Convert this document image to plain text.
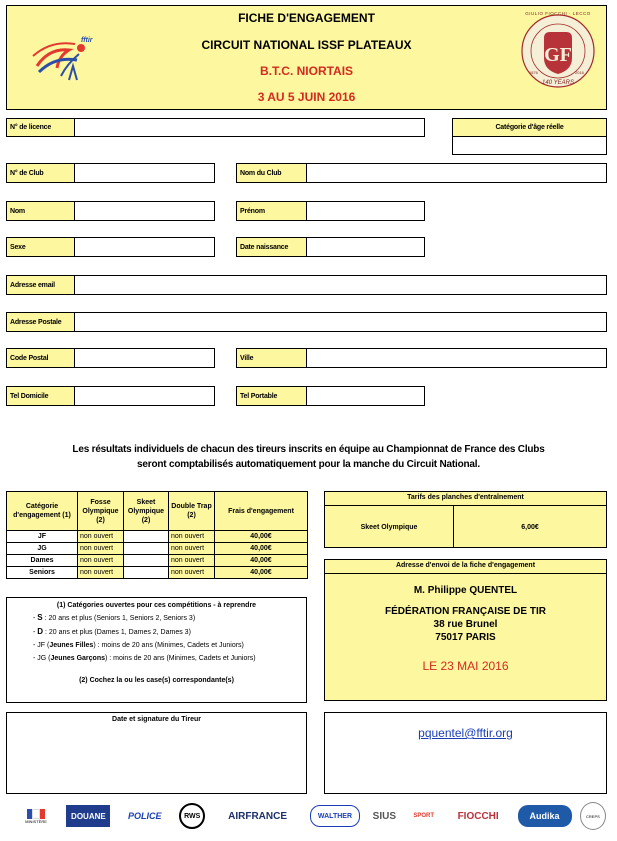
fftir
FICHE D'ENGAGEMENT
CIRCUIT NATIONAL ISSF PLATEAUX
B.T.C. NIORTAIS
3 AU 5 JUIN 2016
GF
GIULIO FIOCCHI · LECCO
1876	2016
140 YEARS
N° de licence	Catégorie d'âge réelle
N° de Club	Nom du Club
Nom	Prénom
Sexe	Date naissance
Adresse email
Adresse Postale
Code Postal	Ville
Tel Domicile	Tel Portable
Les résultats individuels de chacun des tireurs inscrits en équipe au Championnat de France des Clubs
seront comptabilisés automatiquement pour la manche du Circuit National.
Catégorie d'engagement (1)	Fosse Olympique (2)	Skeet Olympique (2)	Double Trap (2)	Frais d'engagement
JF	non ouvert		non ouvert	40,00€
JG	non ouvert		non ouvert	40,00€
Dames	non ouvert		non ouvert	40,00€
Seniors	non ouvert		non ouvert	40,00€
(1) Catégories ouvertes pour ces compétitions - à reprendre
- S : 20 ans et plus (Seniors 1, Seniors 2, Seniors 3)
- D : 20 ans et plus (Dames 1, Dames 2, Dames 3)
- JF (Jeunes Filles) : moins de 20 ans (Minimes, Cadets et Juniors)
- JG (Jeunes Garçons) : moins de 20 ans (Minimes, Cadets et Juniors)
(2) Cochez la ou les case(s) correspondante(s)
Date et signature du Tireur
Tarifs des planches d'entraînement
Skeet Olympique	6,00€
Adresse d'envoi de la fiche d'engagement
M. Philippe QUENTEL
FÉDÉRATION FRANÇAISE DE TIR
38 rue Brunel
75017 PARIS
LE 23 MAI 2016
pquentel@fftir.org
MINISTÈRE
DOUANE POLICE	RWS	AIRFRANCE	WALTHER SIUS	SPORT FIOCCHI	Audika	CREPS
